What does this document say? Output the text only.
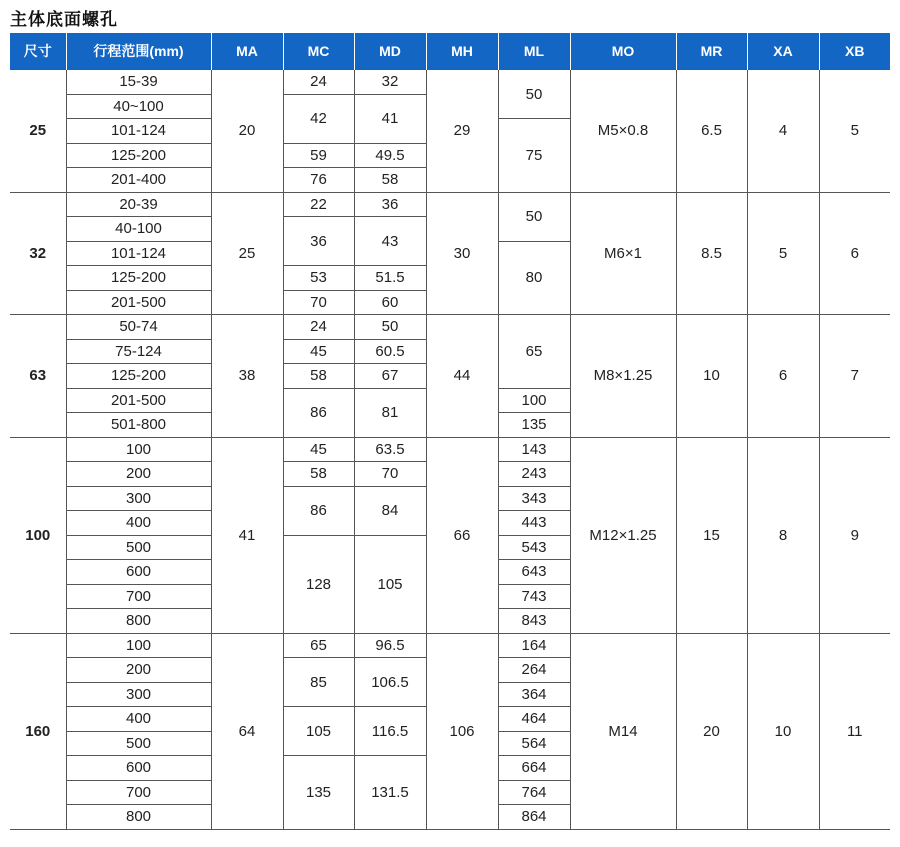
主体底面螺孔
尺寸	行程范围(mm)	MA	MC	MD	MH	ML	MO	MR	XA	XB
25	15-39	20	24	32	29	50	M5×0.8	6.5	4	5
	40~100		42	41						
	101-124					75				
	125-200		59	49.5						
	201-400		76	58						
32	20-39	25	22	36	30	50	M6×1	8.5	5	6
	40-100		36	43						
	101-124					80				
	125-200		53	51.5						
	201-500		70	60						
63	50-74	38	24	50	44	65	M8×1.25	10	6	7
	75-124		45	60.5						
	125-200		58	67						
	201-500		86	81		100				
	501-800					135				
100	100	41	45	63.5	66	143	M12×1.25	15	8	9
	200		58	70		243				
	300		86	84		343				
	400					443				
	500		128	105		543				
	600					643				
	700					743				
	800					843				
160	100	64	65	96.5	106	164	M14	20	10	11
	200		85	106.5		264				
	300					364				
	400		105	116.5		464				
	500					564				
	600		135	131.5		664				
	700					764				
	800					864				
